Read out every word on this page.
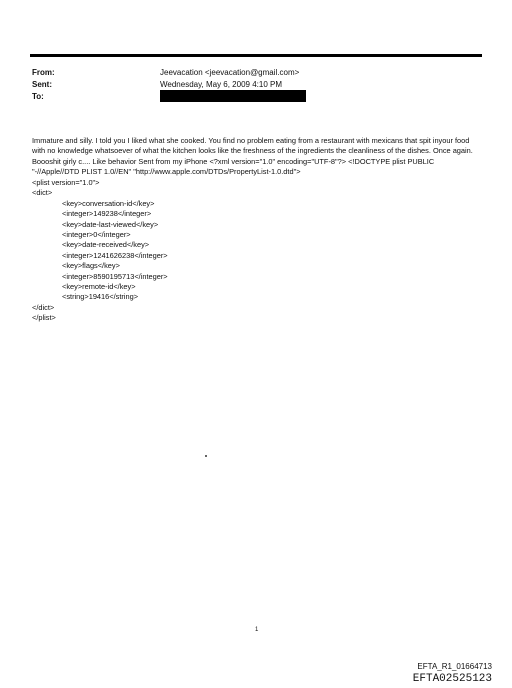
From:	Jeevacation <jeevacation@gmail.com>
Sent:	Wednesday, May 6, 2009 4:10 PM
To:

Immature and silly. I told you I liked what she cooked. You find no problem eating from a restaurant with mexicans that spit inyour food with no knowledge whatsoever of what the kitchen looks like the freshness of the ingredients the cleanliness of the dishes. Once again. Boooshit girly c.... Like behavior Sent from my iPhone <?xml version="1.0" encoding="UTF-8"?> <!DOCTYPE plist PUBLIC "-//Apple//DTD PLIST 1.0//EN" "http://www.apple.com/DTDs/PropertyList-1.0.dtd">

<plist version="1.0">
<dict>
<key>conversation-id</key>
<integer>149238</integer>
<key>date-last-viewed</key>
<integer>0</integer>
<key>date-received</key>
<integer>1241626238</integer>
<key>flags</key>
<integer>8590195713</integer>
<key>remote-id</key>
<string>19416</string>
</dict>
</plist>
1
EFTA_R1_01664713
EFTA02525123
